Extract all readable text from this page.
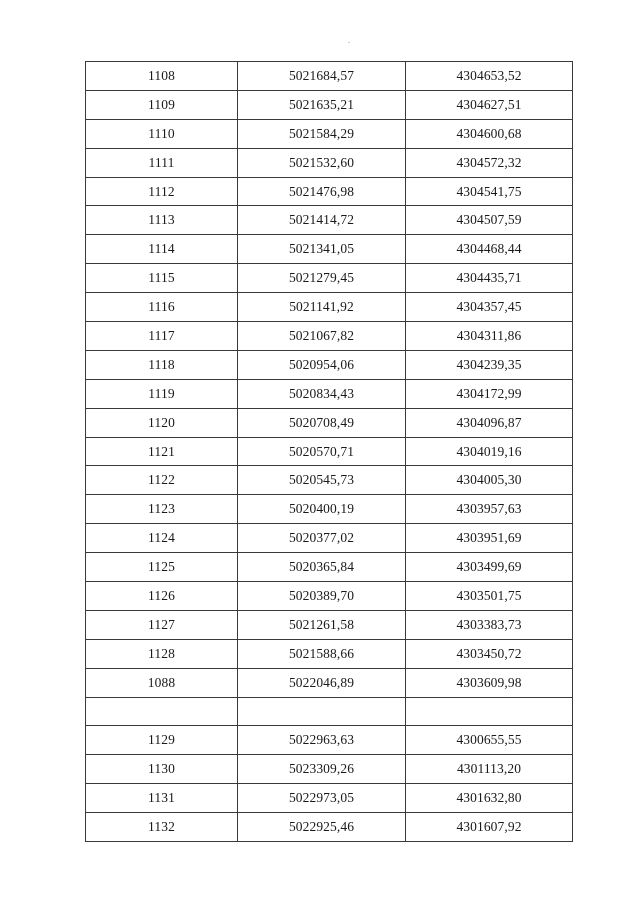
1108	5021684,57	4304653,52
1109	5021635,21	4304627,51
1110	5021584,29	4304600,68
1111	5021532,60	4304572,32
1112	5021476,98	4304541,75
1113	5021414,72	4304507,59
1114	5021341,05	4304468,44
1115	5021279,45	4304435,71
1116	5021141,92	4304357,45
1117	5021067,82	4304311,86
1118	5020954,06	4304239,35
1119	5020834,43	4304172,99
1120	5020708,49	4304096,87
1121	5020570,71	4304019,16
1122	5020545,73	4304005,30
1123	5020400,19	4303957,63
1124	5020377,02	4303951,69
1125	5020365,84	4303499,69
1126	5020389,70	4303501,75
1127	5021261,58	4303383,73
1128	5021588,66	4303450,72
1088	5022046,89	4303609,98

1129	5022963,63	4300655,55
1130	5023309,26	4301113,20
1131	5022973,05	4301632,80
1132	5022925,46	4301607,92
